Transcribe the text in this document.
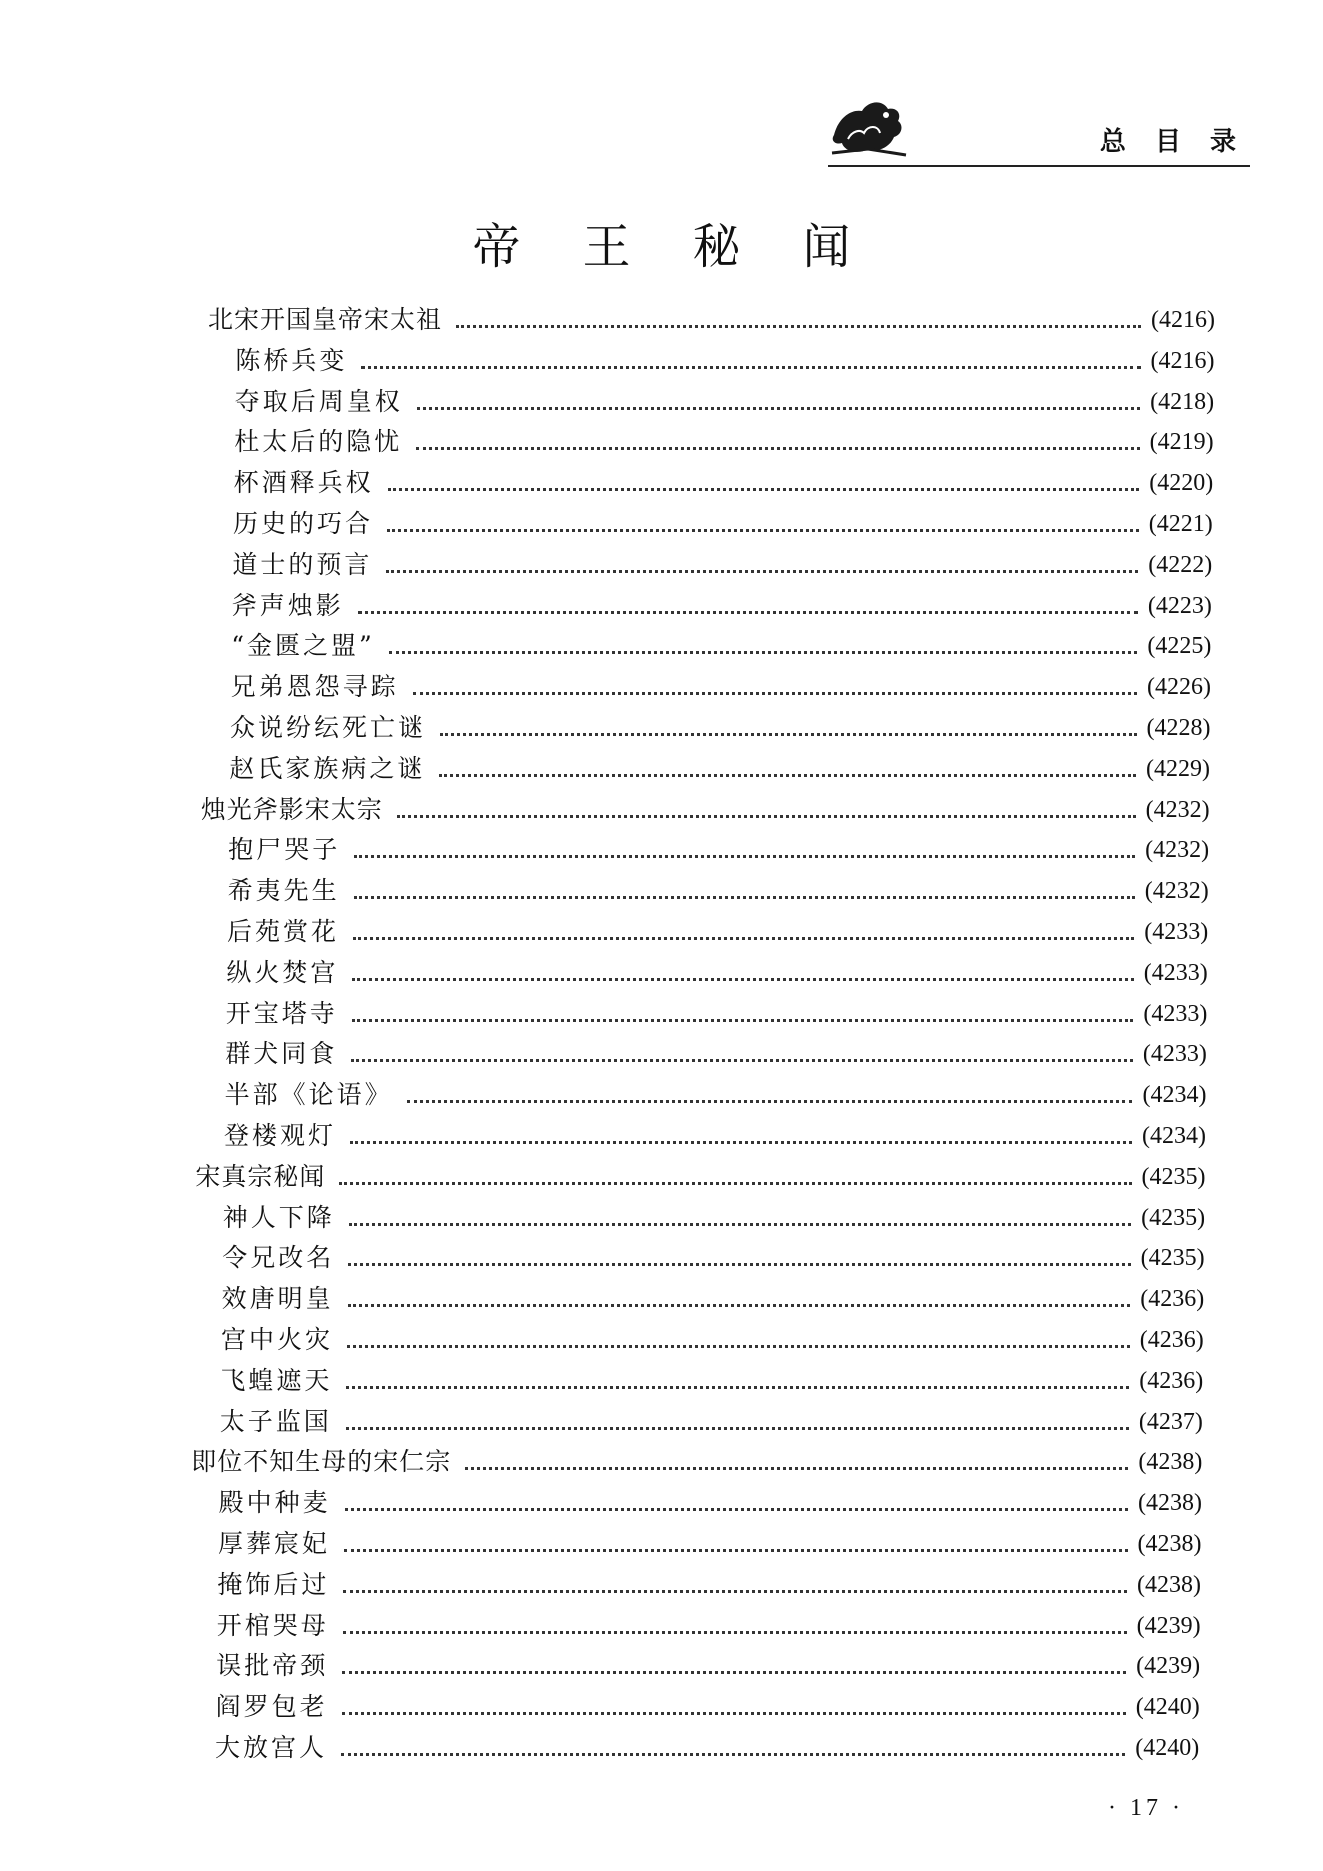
总 目 录
帝王秘闻
北宋开国皇帝宋太祖	(4216)
陈桥兵变	(4216)
夺取后周皇权	(4218)
杜太后的隐忧	(4219)
杯酒释兵权	(4220)
历史的巧合	(4221)
道士的预言	(4222)
斧声烛影	(4223)
“金匮之盟”	(4225)
兄弟恩怨寻踪	(4226)
众说纷纭死亡谜	(4228)
赵氏家族病之谜	(4229)
烛光斧影宋太宗	(4232)
抱尸哭子	(4232)
希夷先生	(4232)
后苑赏花	(4233)
纵火焚宫	(4233)
开宝塔寺	(4233)
群犬同食	(4233)
半部《论语》	(4234)
登楼观灯	(4234)
宋真宗秘闻	(4235)
神人下降	(4235)
令兄改名	(4235)
效唐明皇	(4236)
宫中火灾	(4236)
飞蝗遮天	(4236)
太子监国	(4237)
即位不知生母的宋仁宗	(4238)
殿中种麦	(4238)
厚葬宸妃	(4238)
掩饰后过	(4238)
开棺哭母	(4239)
误批帝颈	(4239)
阎罗包老	(4240)
大放宫人	(4240)
· 17 ·
